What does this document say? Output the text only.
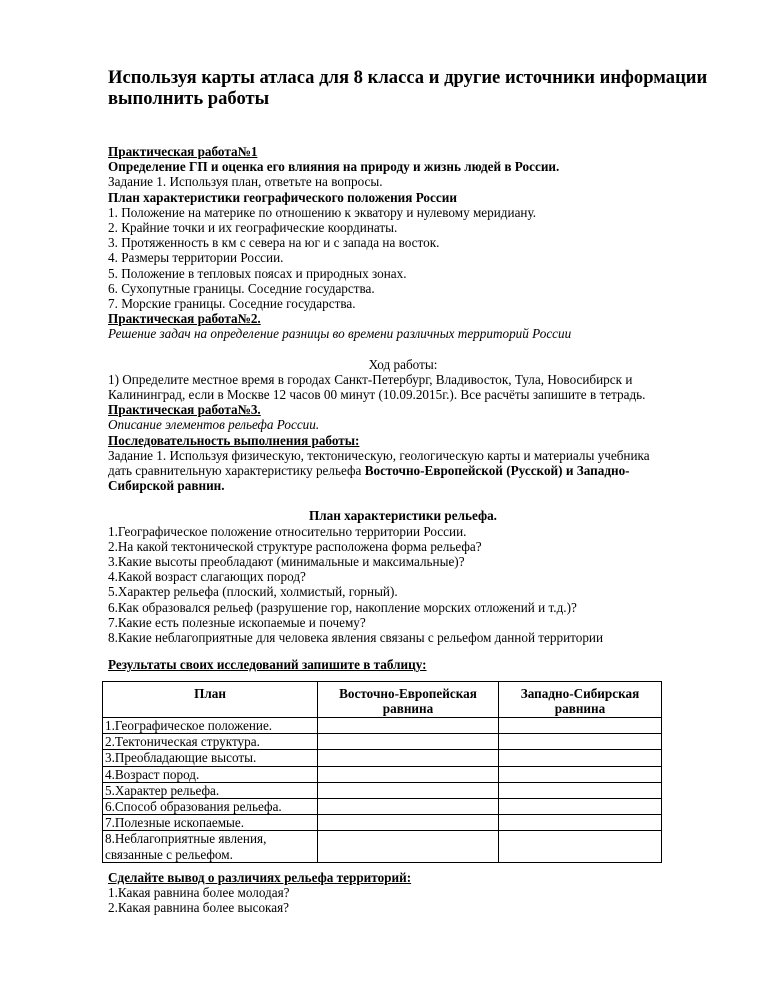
Используя карты атласа для 8 класса и другие источники информации выполнить работы

Практическая работа№1

Определение ГП и оценка его влияния на природу и жизнь людей в России.

Задание 1. Используя план, ответьте на вопросы.

План характеристики географического положения России

1. Положение на материке по отношению к экватору и нулевому меридиану.

2. Крайние точки и их географические координаты.

3. Протяженность в км с севера на юг и с запада на восток.

4. Размеры территории России.

5. Положение в тепловых поясах и природных зонах.

6. Сухопутные границы. Соседние государства.

7. Морские границы. Соседние государства.

Практическая работа№2.

Решение задач на определение разницы во времени различных территорий России

Ход работы:

1) Определите местное время в городах Санкт-Петербург, Владивосток, Тула, Новосибирск и

Калининград, если в Москве 12 часов 00 минут (10.09.2015г.). Все расчёты запишите в тетрадь.

Практическая работа№3.

Описание элементов рельефа России.

Последовательность выполнения работы:

Задание 1. Используя физическую, тектоническую, геологическую карты и материалы учебника

дать сравнительную характеристику рельефа Восточно-Европейской (Русской) и Западно-

Сибирской равнин.

План характеристики рельефа.

1.Географическое положение относительно территории России.

2.На какой тектонической структуре расположена форма рельефа?

3.Какие высоты преобладают (минимальные и максимальные)?

4.Какой возраст слагающих пород?

5.Характер рельефа (плоский, холмистый, горный).

6.Как образовался рельеф (разрушение гор, накопление морских отложений и т.д.)?

7.Какие есть полезные ископаемые и почему?

8.Какие неблагоприятные для человека явления связаны с рельефом данной территории

Результаты своих исследований запишите в таблицу:

План	Восточно-Европейская равнина	Западно-Сибирская равнина
1.Географическое положение.		
2.Тектоническая структура.		
3.Преобладающие высоты.		
4.Возраст пород.		
5.Характер рельефа.		
6.Способ образования рельефа.		
7.Полезные ископаемые.		
8.Неблагоприятные явления, связанные с рельефом.		

Сделайте вывод о различиях рельефа территорий:

1.Какая равнина более молодая?

2.Какая равнина более высокая?
